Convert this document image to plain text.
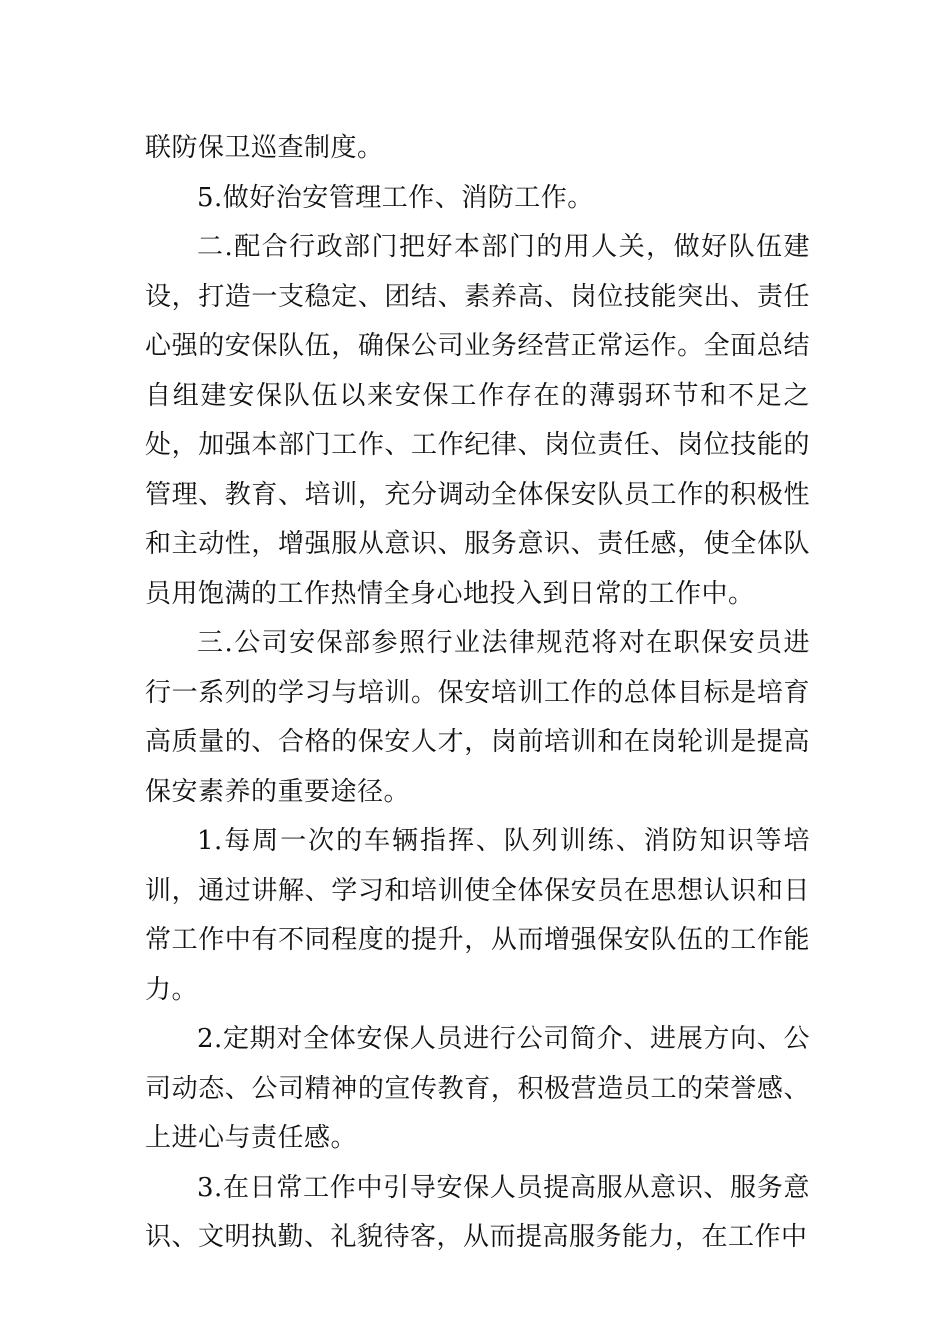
联防保卫巡查制度。

5.做好治安管理工作、消防工作。

二.配合行政部门把好本部门的用人关，做好队伍建设，打造一支稳定、团结、素养高、岗位技能突出、责任心强的安保队伍，确保公司业务经营正常运作。全面总结自组建安保队伍以来安保工作存在的薄弱环节和不足之处，加强本部门工作、工作纪律、岗位责任、岗位技能的管理、教育、培训，充分调动全体保安队员工作的积极性和主动性，增强服从意识、服务意识、责任感，使全体队员用饱满的工作热情全身心地投入到日常的工作中。

三.公司安保部参照行业法律规范将对在职保安员进行一系列的学习与培训。保安培训工作的总体目标是培育高质量的、合格的保安人才，岗前培训和在岗轮训是提高保安素养的重要途径。

1.每周一次的车辆指挥、队列训练、消防知识等培训，通过讲解、学习和培训使全体保安员在思想认识和日常工作中有不同程度的提升，从而增强保安队伍的工作能力。

2.定期对全体安保人员进行公司简介、进展方向、公司动态、公司精神的宣传教育，积极营造员工的荣誉感、上进心与责任感。

3.在日常工作中引导安保人员提高服从意识、服务意识、文明执勤、礼貌待客，从而提高服务能力，在工作中
